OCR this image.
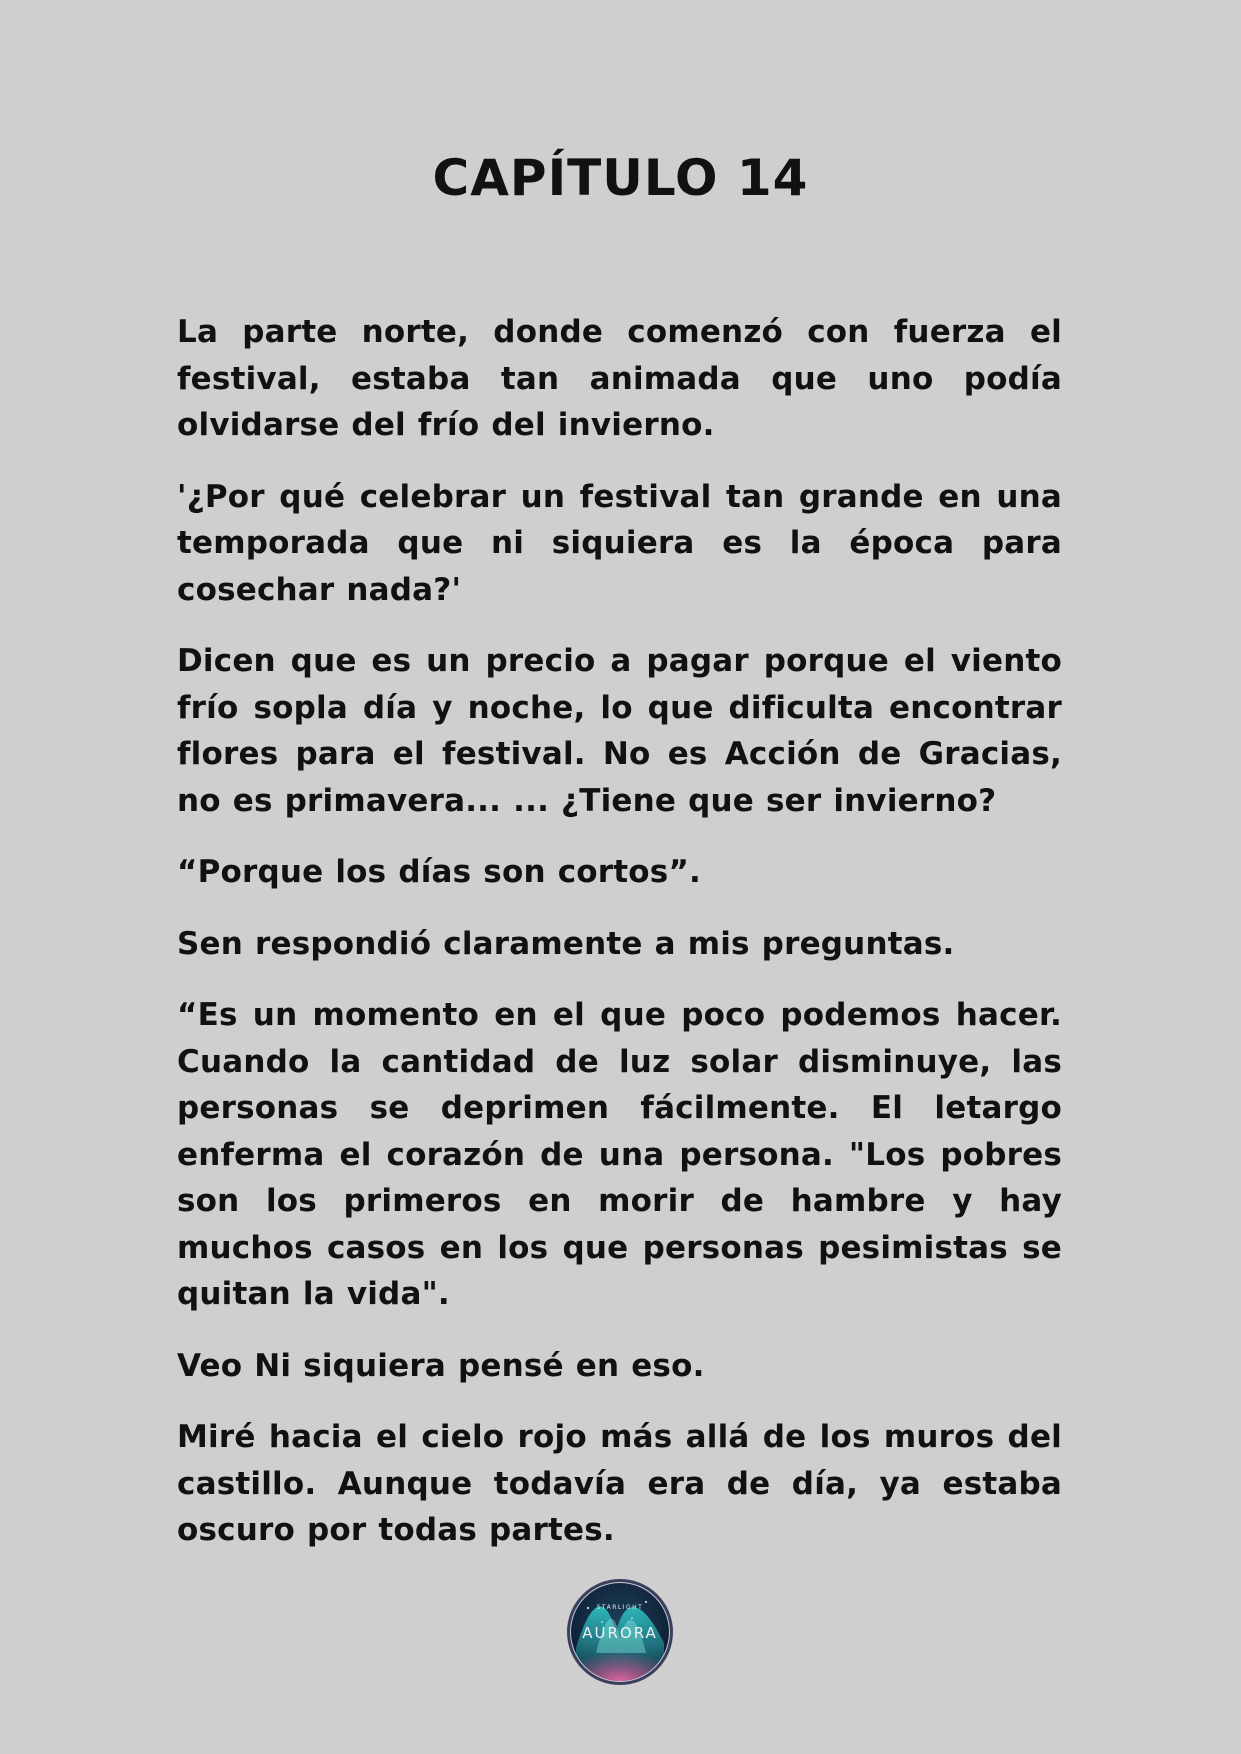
CAPÍTULO 14

La parte norte, donde comenzó con fuerza el festival, estaba tan animada que uno podía olvidarse del frío del invierno.

'¿Por qué celebrar un festival tan grande en una temporada que ni siquiera es la época para cosechar nada?'

Dicen que es un precio a pagar porque el viento frío sopla día y noche, lo que dificulta encontrar flores para el festival. No es Acción de Gracias, no es primavera... ... ¿Tiene que ser invierno?

“Porque los días son cortos”.

Sen respondió claramente a mis preguntas.

“Es un momento en el que poco podemos hacer. Cuando la cantidad de luz solar disminuye, las personas se deprimen fácilmente. El letargo enferma el corazón de una persona. "Los pobres son los primeros en morir de hambre y hay muchos casos en los que personas pesimistas se quitan la vida".

Veo Ni siquiera pensé en eso.

Miré hacia el cielo rojo más allá de los muros del castillo. Aunque todavía era de día, ya estaba oscuro por todas partes.

STARLIGHT
AURORA
